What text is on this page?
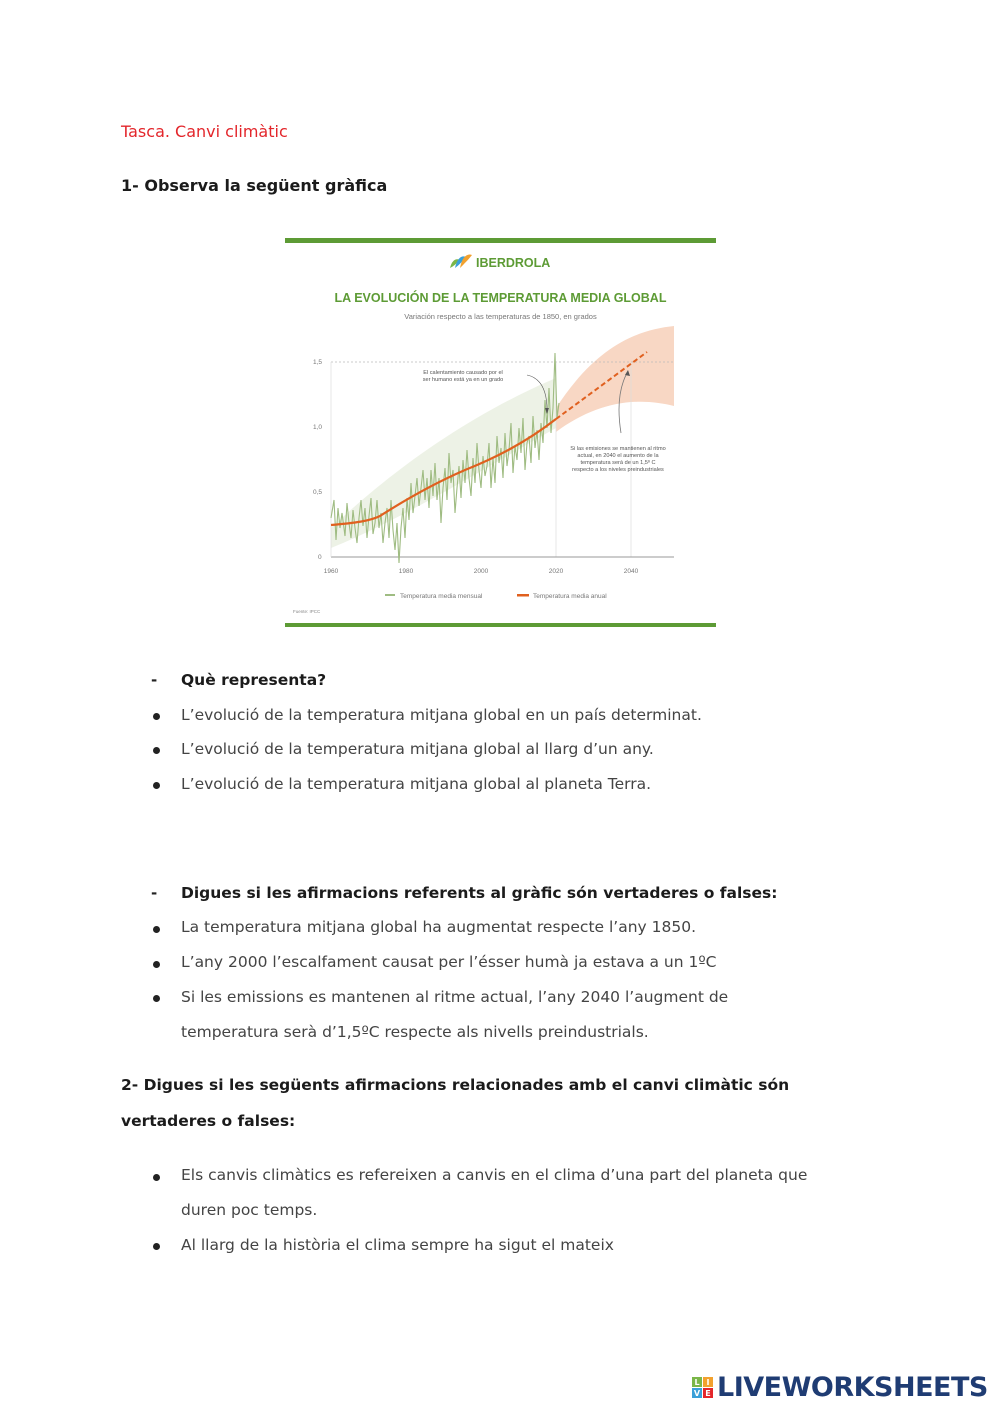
Tasca. Canvi climàtic
1- Observa la següent gràfica
IBERDROLA
LA EVOLUCIÓN DE LA TEMPERATURA MEDIA GLOBAL
Variación respecto a las temperaturas de 1850, en grados
1,5
1,0
0,5
0
1960	1980	2000	2020	2040
El calentamiento causado por el
ser humano está ya en un grado
Si las emisiones se mantienen al ritmo
actual, en 2040 el aumento de la
temperatura será de un 1,5º C
respecto a los niveles preindustriales
Temperatura media mensual	Temperatura media anual
Fuente: IPCC
- Què representa?
L’evolució de la temperatura mitjana global en un país determinat.
L’evolució de la temperatura mitjana global al llarg d’un any.
L’evolució de la temperatura mitjana global al planeta Terra.
- Digues si les afirmacions referents al gràfic són vertaderes o falses:
La temperatura mitjana global ha augmentat respecte l’any 1850.
L’any 2000 l’escalfament causat per l’ésser humà ja estava a un 1ºC
Si les emissions es mantenen al ritme actual, l’any 2040 l’augment de
temperatura serà d’1,5ºC respecte als nivells preindustrials.
2- Digues si les següents afirmacions relacionades amb el canvi climàtic són
vertaderes o falses:
Els canvis climàtics es refereixen a canvis en el clima d’una part del planeta que
duren poc temps.
Al llarg de la història el clima sempre ha sigut el mateix
L I
V E LIVEWORKSHEETS
